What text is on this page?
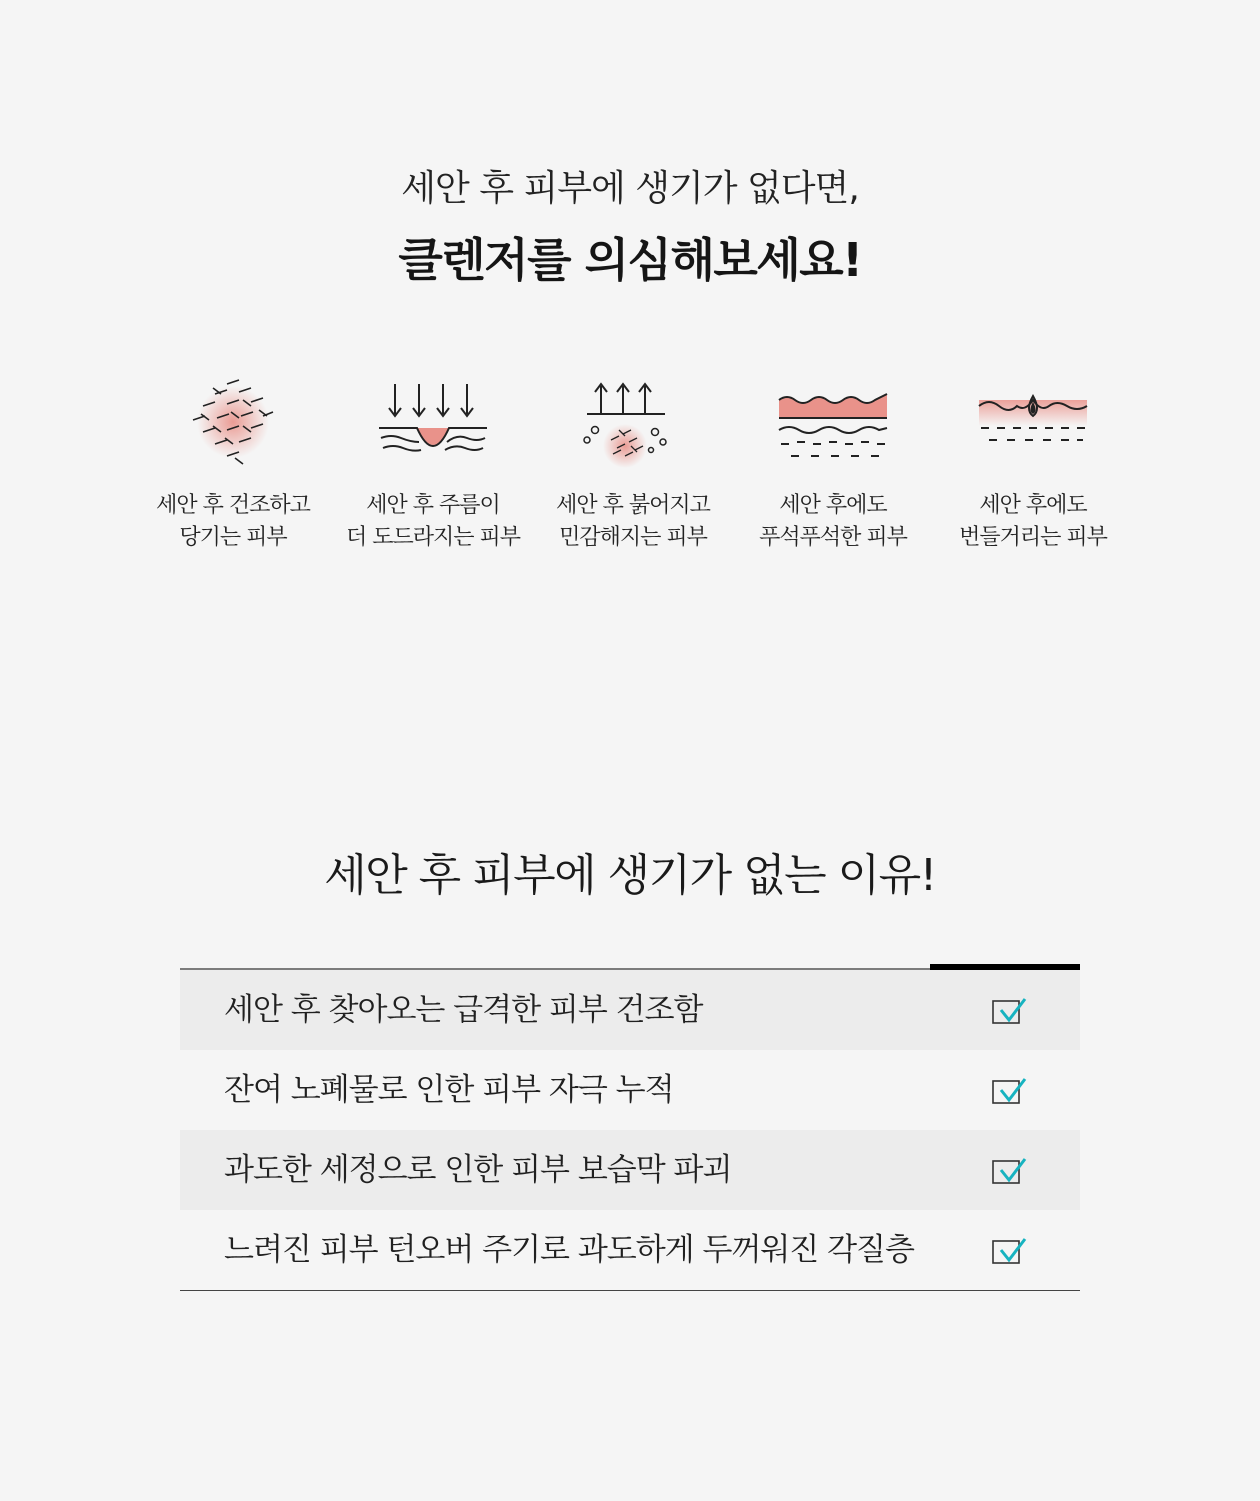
세안 후 피부에 생기가 없다면,
클렌저를 의심해보세요!
세안 후 건조하고
당기는 피부
세안 후 주름이
더 도드라지는 피부
세안 후 붉어지고
민감해지는 피부
세안 후에도
푸석푸석한 피부
세안 후에도
번들거리는 피부
세안 후 피부에 생기가 없는 이유!
세안 후 찾아오는 급격한 피부 건조함
잔여 노폐물로 인한 피부 자극 누적
과도한 세정으로 인한 피부 보습막 파괴
느려진 피부 턴오버 주기로 과도하게 두꺼워진 각질층
